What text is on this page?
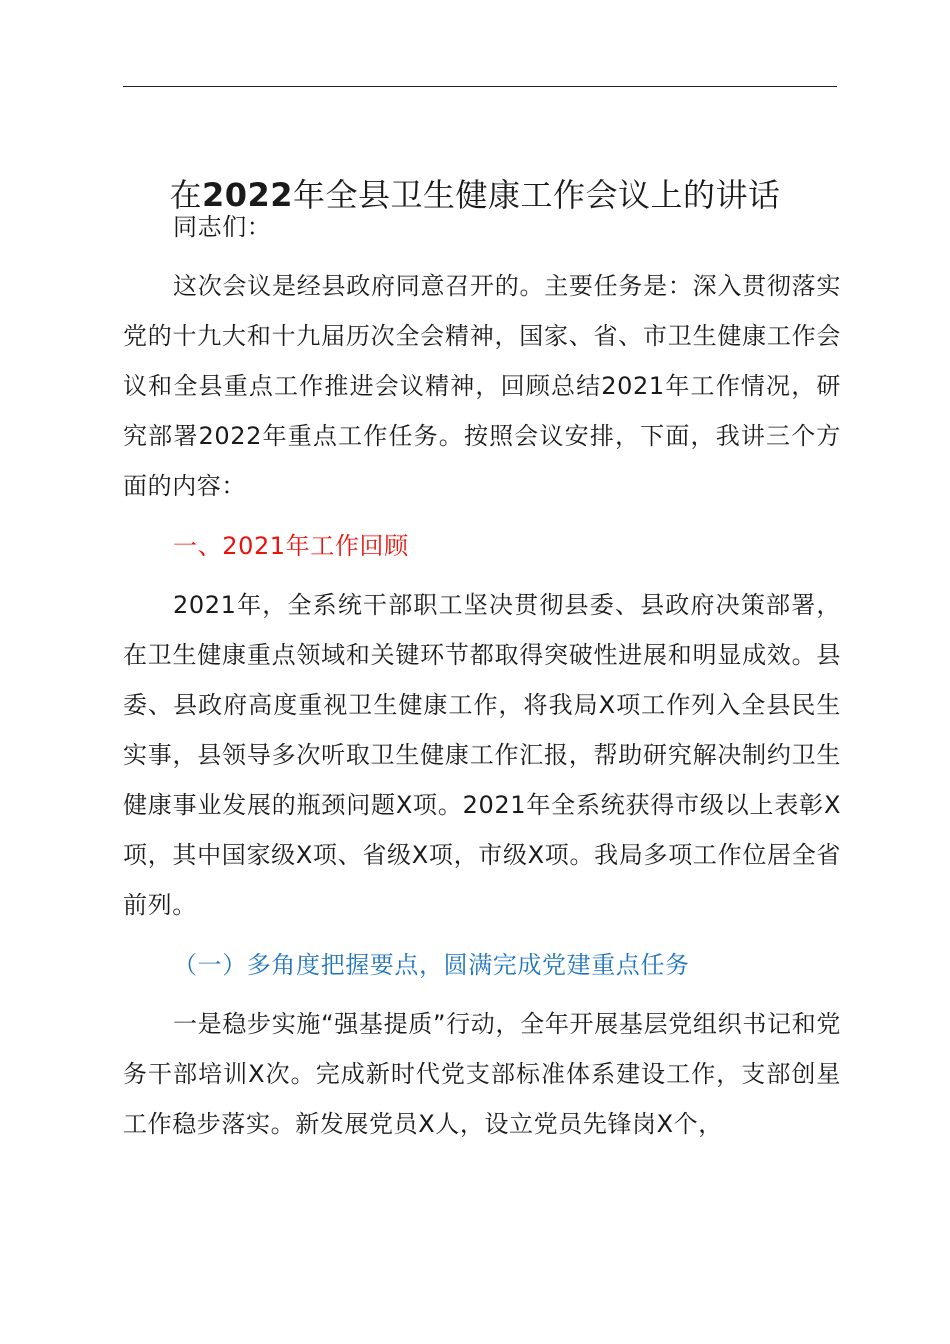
在2022年全县卫生健康工作会议上的讲话

同志们：

这次会议是经县政府同意召开的。主要任务是：深入贯彻落实党的十九大和十九届历次全会精神，国家、省、市卫生健康工作会议和全县重点工作推进会议精神，回顾总结2021年工作情况，研究部署2022年重点工作任务。按照会议安排，下面，我讲三个方面的内容：

一、2021年工作回顾

2021年，全系统干部职工坚决贯彻县委、县政府决策部署，在卫生健康重点领域和关键环节都取得突破性进展和明显成效。县委、县政府高度重视卫生健康工作，将我局X项工作列入全县民生实事，县领导多次听取卫生健康工作汇报，帮助研究解决制约卫生健康事业发展的瓶颈问题X项。2021年全系统获得市级以上表彰X项，其中国家级X项、省级X项，市级X项。我局多项工作位居全省前列。

（一）多角度把握要点，圆满完成党建重点任务

一是稳步实施“强基提质”行动，全年开展基层党组织书记和党务干部培训X次。完成新时代党支部标准体系建设工作，支部创星工作稳步落实。新发展党员X人，设立党员先锋岗X个，
